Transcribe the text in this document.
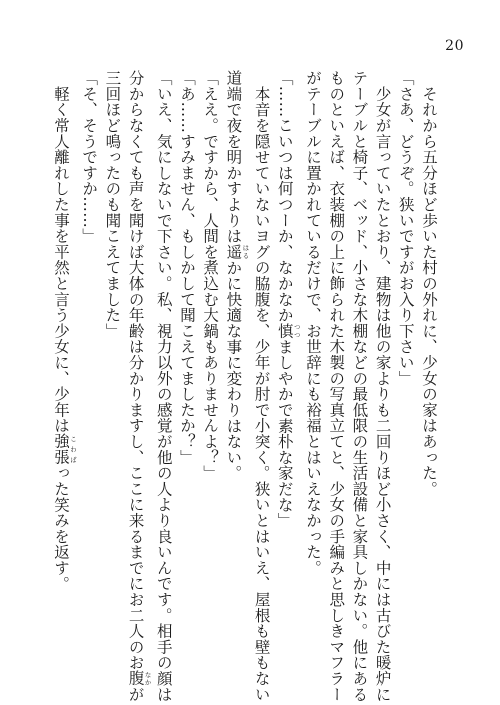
20
　それから五分ほど歩いた村の外れに、少女の家はあった。
「さあ、どうぞ。狭いですがお入り下さい」
　少女が言っていたとおり、建物は他の家よりも二回りほど小さく、中には古びた暖炉に
テーブルと椅子、ベッド、小さな木棚などの最低限の生活設備と家具しかない。他にある
ものといえば、衣装棚の上に飾られた木製の写真立てと、少女の手編みと思しきマフラー
がテーブルに置かれているだけで、お世辞にも裕福とはいえなかった。
「……こいつは何つーか、なかなか慎 つつましやかで素朴な家だな」
　本音を隠せていないヨグの脇腹を、少年が肘で小突く。狭いとはいえ、屋根も壁もない
道端で夜を明かすよりは遥 はるかに快適な事に変わりはない。
「ええ。ですから、人間を煮込む大鍋もありませんよ？」
「あ……すみません、もしかして聞こえてましたか？」
「いえ、気にしないで下さい。私、視力以外の感覚が他の人より良いんです。相手の顔は
分からなくても声を聞けば大体の年齢は分かりますし、ここに来るまでにお二人のお腹 なかが
三回ほど鳴ったのも聞こえてました」
「そ、そうですか……」
　軽く常人離れした事を平然と言う少女に、少年は強張 こわばった笑みを返す。
